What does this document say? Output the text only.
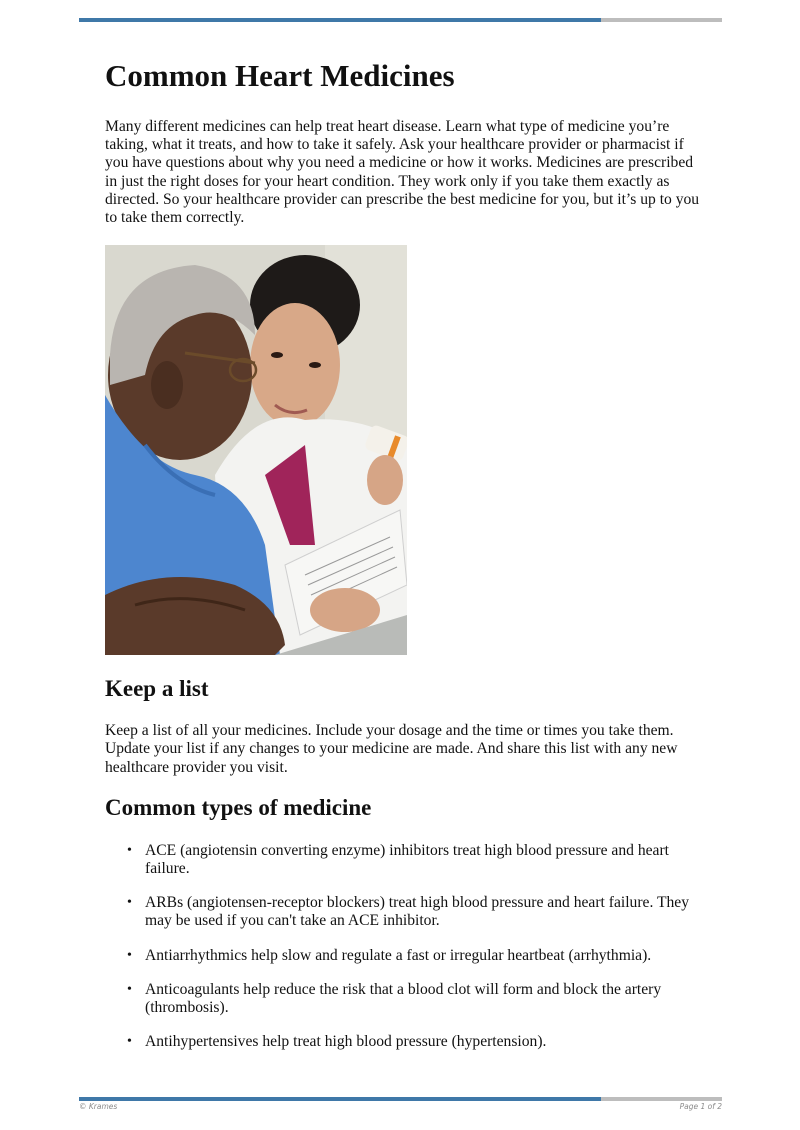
Common Heart Medicines

Many different medicines can help treat heart disease. Learn what type of medicine you’re taking, what it treats, and how to take it safely. Ask your healthcare provider or pharmacist if you have questions about why you need a medicine or how it works. Medicines are prescribed in just the right doses for your heart condition. They work only if you take them exactly as directed. So your healthcare provider can prescribe the best medicine for you, but it’s up to you to take them correctly.

Keep a list

Keep a list of all your medicines. Include your dosage and the time or times you take them. Update your list if any changes to your medicine are made. And share this list with any new healthcare provider you visit.

Common types of medicine
• ACE (angiotensin converting enzyme) inhibitors treat high blood pressure and heart failure.
• ARBs (angiotensen-receptor blockers) treat high blood pressure and heart failure. They may be used if you can't take an ACE inhibitor.
• Antiarrhythmics help slow and regulate a fast or irregular heartbeat (arrhythmia).
• Anticoagulants help reduce the risk that a blood clot will form and block the artery (thrombosis).
• Antihypertensives help treat high blood pressure (hypertension).
© Krames	Page 1 of 2
